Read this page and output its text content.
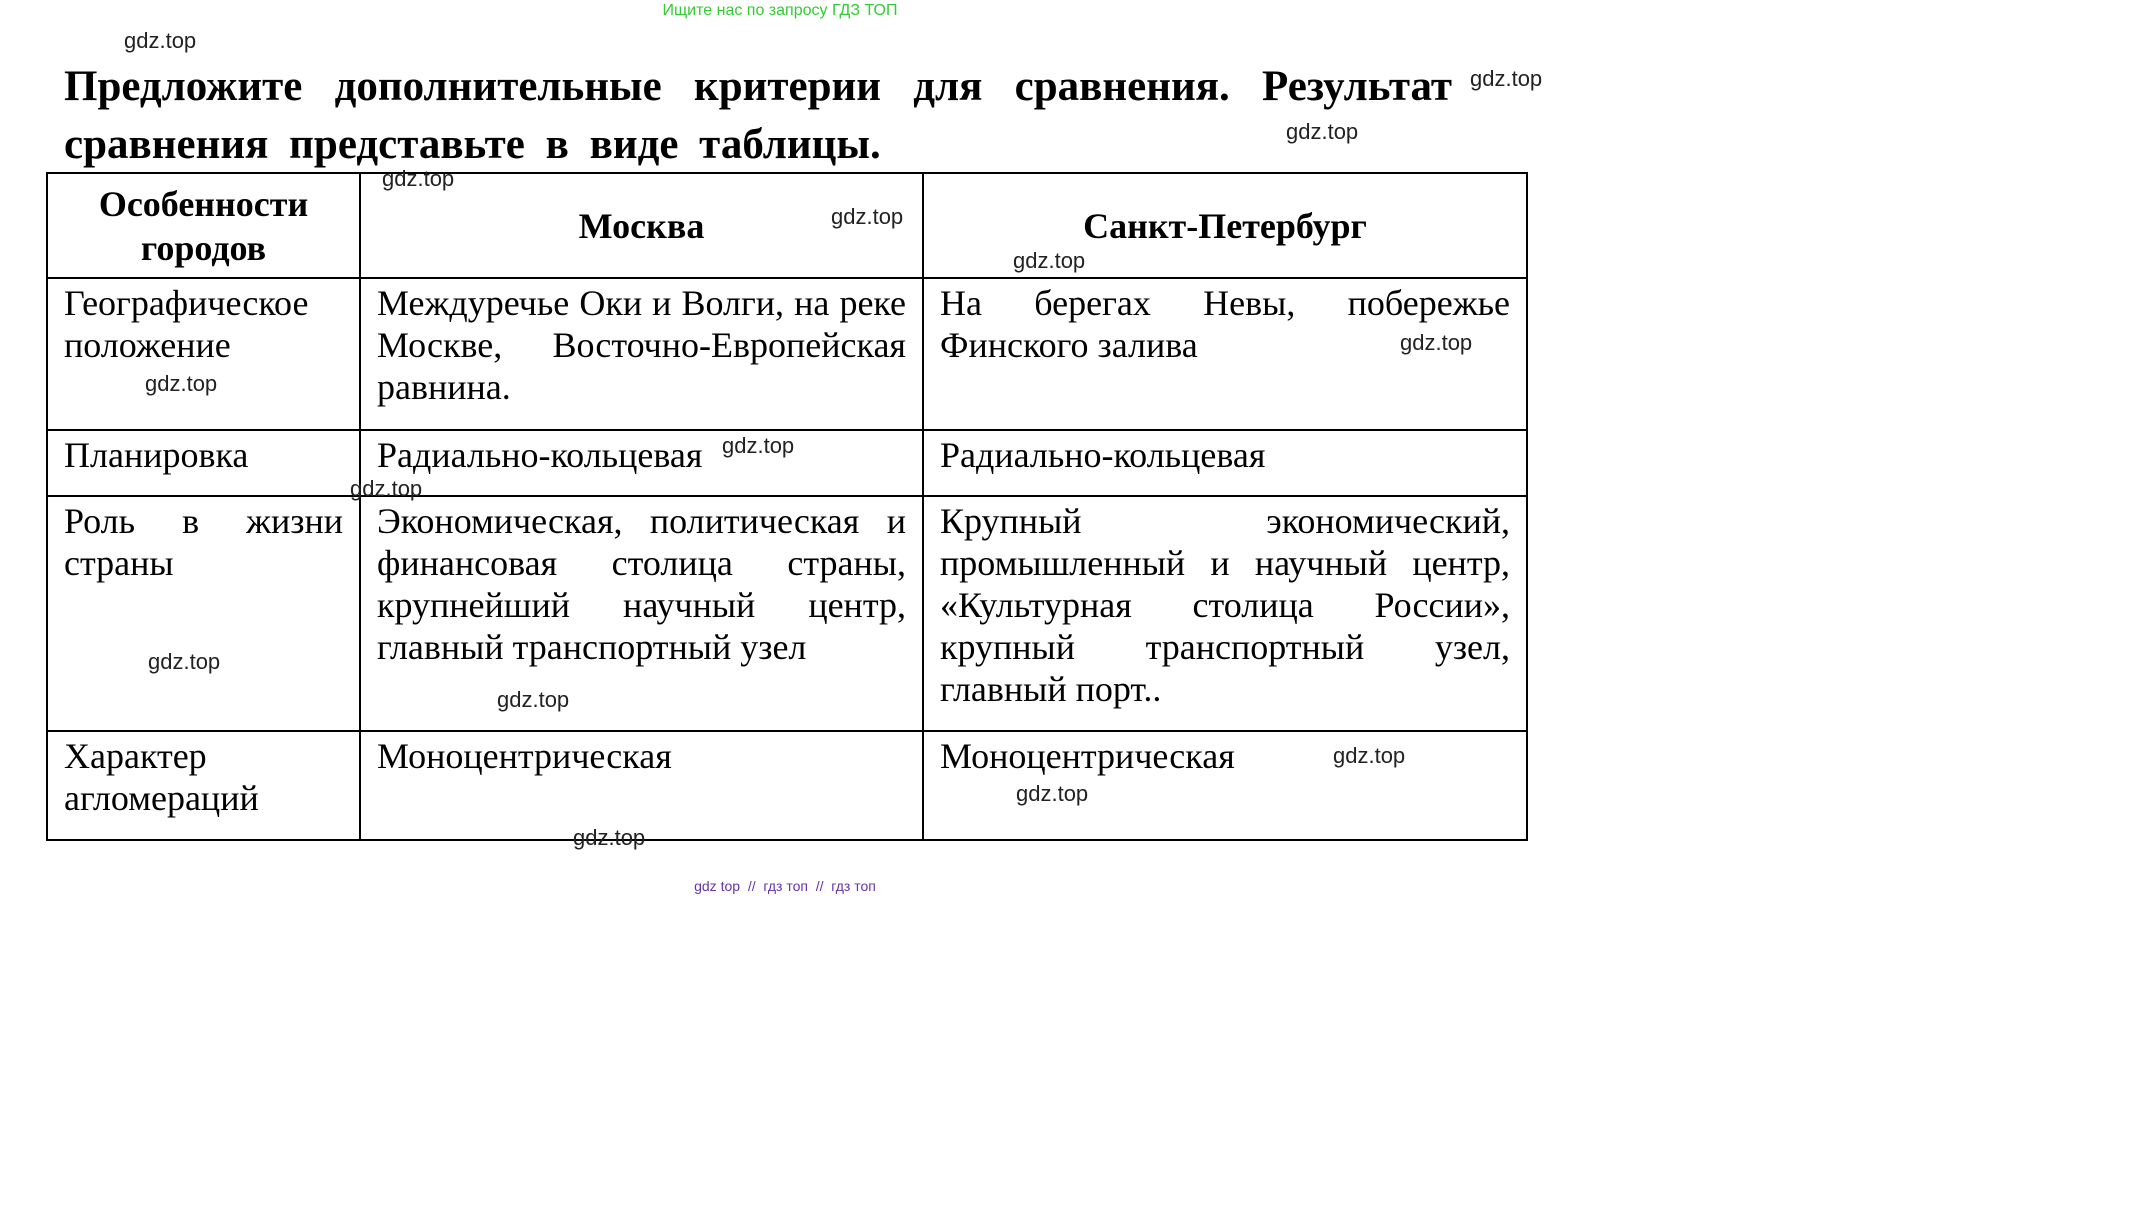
Ищите нас по запросу ГДЗ ТОП

Предложите дополнительные критерии для сравнения. Результат сравнения представьте в виде таблицы.

Особенности городов	Москва	Санкт-Петербург
Географическое положение	Междуречье Оки и Волги, на реке Москве, Восточно-Европейская равнина.	На берегах Невы, побережье Финского залива
Планировка	Радиально-кольцевая	Радиально-кольцевая
Роль в жизни страны	Экономическая, политическая и финансовая столица страны, крупнейший научный центр, главный транспортный узел	Крупный экономический, промышленный и научный центр, «Культурная столица России», крупный транспортный узел, главный порт..
Характер агломераций	Моноцентрическая	Моноцентрическая
gdz.top
gdz.top
gdz.top
gdz.top
gdz.top
gdz.top
gdz.top
gdz.top
gdz.top
gdz.top
gdz.top
gdz.top
gdz.top
gdz.top
gdz.top
gdz top  //  гдз топ  //  гдз топ
